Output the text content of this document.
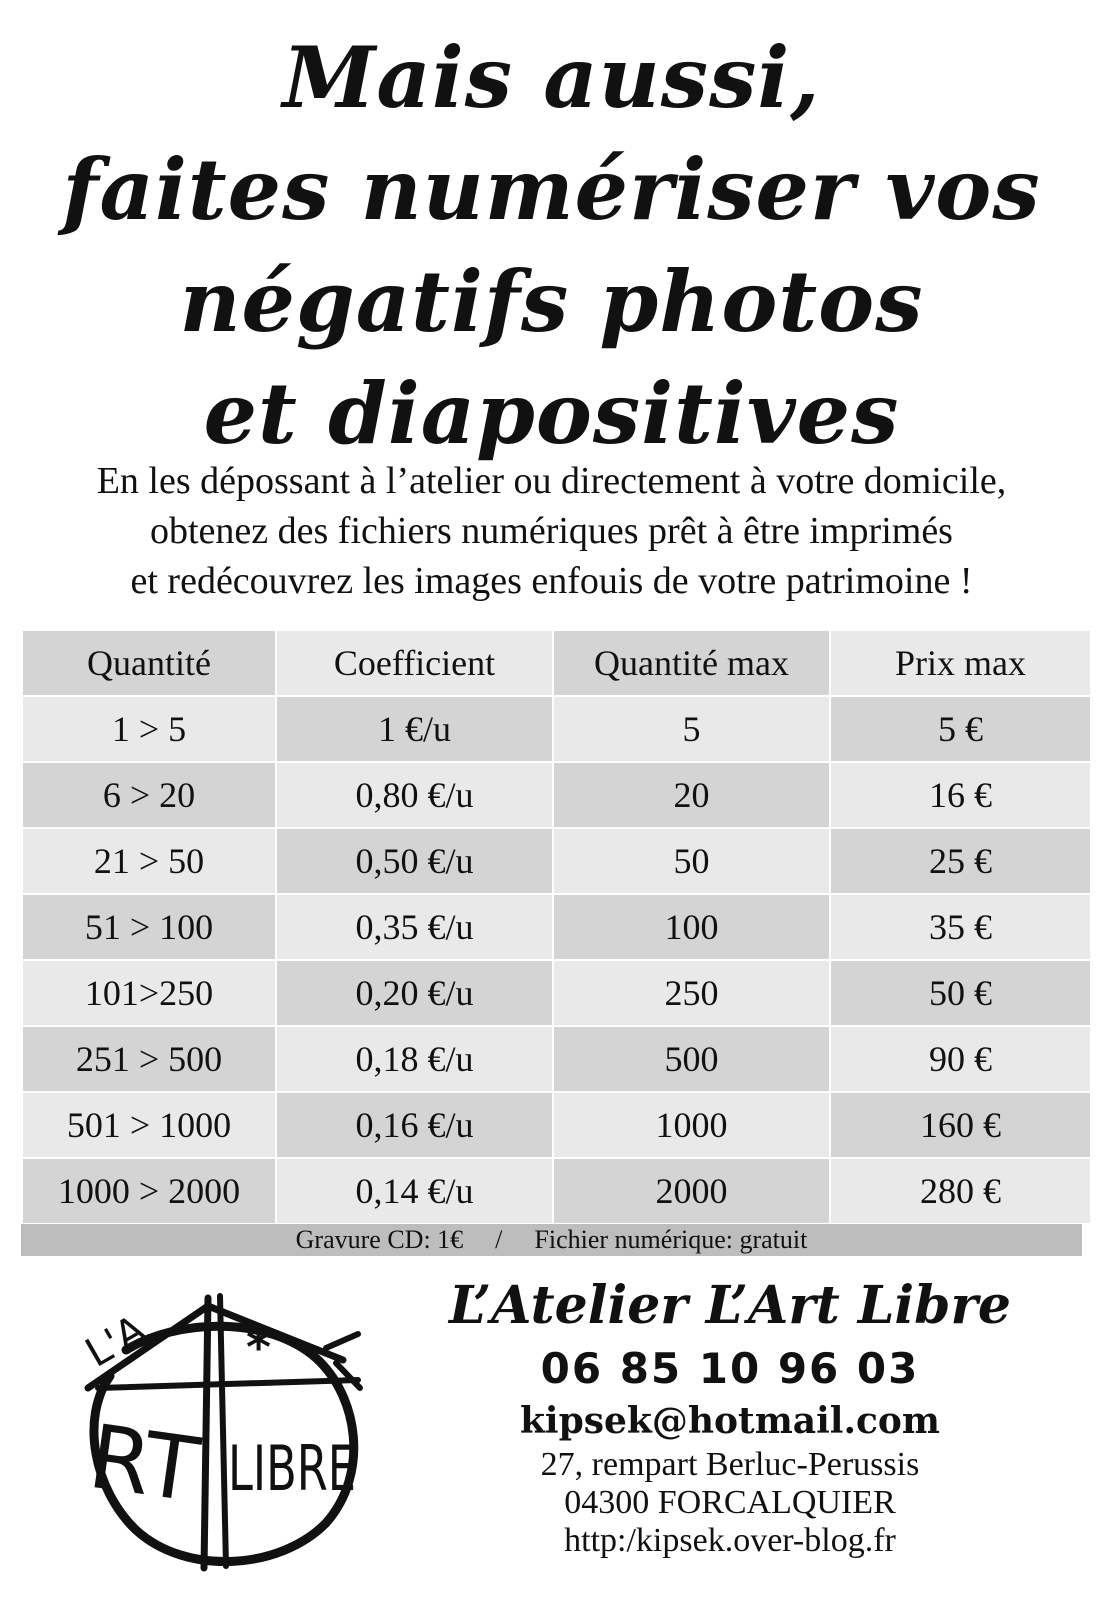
Mais aussi,
faites numériser vos
négatifs photos
et diapositives
En les dépossant à l’atelier ou directement à votre domicile,
obtenez des fichiers numériques prêt à être imprimés
et redécouvrez les images enfouis de votre patrimoine !
Quantité	Coefficient	Quantité max	Prix max
1 > 5	1 €/u	5	5 €
6 > 20	0,80 €/u	20	16 €
21 > 50	0,50 €/u	50	25 €
51 > 100	0,35 €/u	100	35 €
101>250	0,20 €/u	250	50 €
251 > 500	0,18 €/u	500	90 €
501 > 1000	0,16 €/u	1000	160 €
1000 > 2000	0,14 €/u	2000	280 €
Gravure CD: 1€ / Fichier numérique: gratuit
L'A
RT LIBRE
*
L’Atelier L’Art Libre
06 85 10 96 03
kipsek@hotmail.com
27, rempart Berluc-Perussis
04300 FORCALQUIER
http:/kipsek.over-blog.fr
